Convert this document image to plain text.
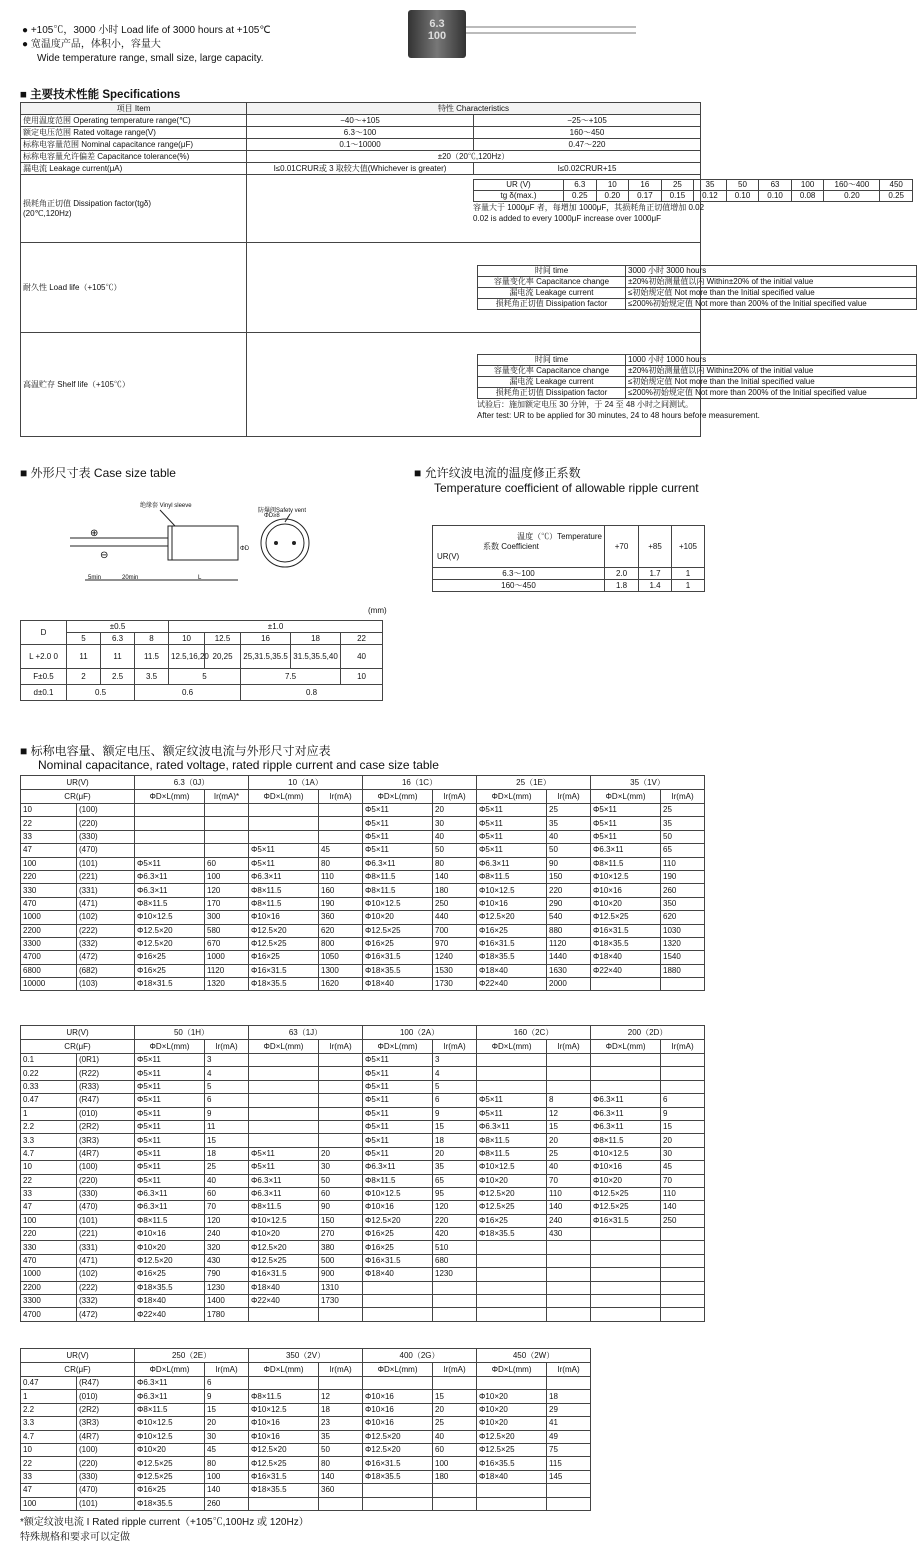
● +105℃，3000 小时 Load life of 3000 hours at +105℃
● 宽温度产品，体积小，容量大
Wide temperature range, small size, large capacity.
6.3
100
■ 主要技术性能 Specifications
项目 Item	特性 Characteristics
使用温度范围 Operating temperature range(℃)	−40～+105	−25～+105
额定电压范围 Rated voltage range(V)	6.3～100	160～450
标称电容量范围 Nominal capacitance range(μF)	0.1～10000	0.47～220
标称电容量允许偏差 Capacitance tolerance(%)	±20（20℃,120Hz）
漏电流 Leakage current(μA)	I≤0.01CRUR或 3 取较大值(Whichever is greater)	I≤0.02CRUR+15

损耗角正切值 Dissipation factor(tgδ)
(20℃,120Hz)

UR (V)	6.3	10	16	25	35	50	63	100	160～400	450
tg δ(max.)	0.25	0.20	0.17	0.15	0.12	0.10	0.10	0.08	0.20	0.25
容量大于 1000μF 者，每增加 1000μF，其损耗角正切值增加 0.02
0.02 is added to every 1000μF increase over 1000μF

耐久性 Load life（+105℃）	
时间 time	3000 小时 3000 hours
容量变化率 Capacitance change	±20%初始测量值以内 Within±20% of the initial value
漏电流 Leakage current	≤初始规定值 Not more than the Initial specified value
损耗角正切值 Dissipation factor	≤200%初始规定值 Not more than 200% of the Initial specified value

高温贮存 Shelf life（+105℃）	
时间 time	1000 小时 1000 hours
容量变化率 Capacitance change	±20%初始测量值以内 Within±20% of the initial value
漏电流 Leakage current	≤初始规定值 Not more than the Initial specified value
损耗角正切值 Dissipation factor	≤200%初始规定值 Not more than 200% of the Initial specified value
试验后：施加额定电压 30 分钟，于 24 至 48 小时之间测试。
After test: UR to be applied for 30 minutes, 24 to 48 hours before measurement.
■ 外形尺寸表 Case size table
⊕
⊖
绝缘套 Vinyl sleeve
防爆阀Safety vent
ΦD≥8
5min	20min	L
ΦD
(mm)
D	±0.5			±1.0				
	5	6.3	8	10	12.5	16	18	22
L +2.0 0	11	11	11.5	12.5,16,20	20,25	25,31.5,35.5	31.5,35.5,40	40
F±0.5	2	2.5	3.5	5		7.5		10
d±0.1	0.5		0.6			0.8		
■ 允许纹波电流的温度修正系数
Temperature coefficient of allowable ripple current
温度（℃）Temperature
系数 Coefficient
UR(V)	+70	+85	+105
6.3～100	2.0	1.7	1
160～450	1.8	1.4	1
■ 标称电容量、额定电压、额定纹波电流与外形尺寸对应表
Nominal capacitance, rated voltage, rated ripple current and case size table
UR(V)		6.3（0J）		10（1A）		16（1C）		25（1E）		35（1V）	
CR(μF)		ΦD×L(mm)	Ir(mA)*	ΦD×L(mm)	Ir(mA)	ΦD×L(mm)	Ir(mA)	ΦD×L(mm)	Ir(mA)	ΦD×L(mm)	Ir(mA)
10	(100)					Φ5×11	20	Φ5×11	25	Φ5×11	25
22	(220)					Φ5×11	30	Φ5×11	35	Φ5×11	35
33	(330)					Φ5×11	40	Φ5×11	40	Φ5×11	50
47	(470)			Φ5×11	45	Φ5×11	50	Φ5×11	50	Φ6.3×11	65
100	(101)	Φ5×11	60	Φ5×11	80	Φ6.3×11	80	Φ6.3×11	90	Φ8×11.5	110
220	(221)	Φ6.3×11	100	Φ6.3×11	110	Φ8×11.5	140	Φ8×11.5	150	Φ10×12.5	190
330	(331)	Φ6.3×11	120	Φ8×11.5	160	Φ8×11.5	180	Φ10×12.5	220	Φ10×16	260
470	(471)	Φ8×11.5	170	Φ8×11.5	190	Φ10×12.5	250	Φ10×16	290	Φ10×20	350
1000	(102)	Φ10×12.5	300	Φ10×16	360	Φ10×20	440	Φ12.5×20	540	Φ12.5×25	620
2200	(222)	Φ12.5×20	580	Φ12.5×20	620	Φ12.5×25	700	Φ16×25	880	Φ16×31.5	1030
3300	(332)	Φ12.5×20	670	Φ12.5×25	800	Φ16×25	970	Φ16×31.5	1120	Φ18×35.5	1320
4700	(472)	Φ16×25	1000	Φ16×25	1050	Φ16×31.5	1240	Φ18×35.5	1440	Φ18×40	1540
6800	(682)	Φ16×25	1120	Φ16×31.5	1300	Φ18×35.5	1530	Φ18×40	1630	Φ22×40	1880
10000	(103)	Φ18×31.5	1320	Φ18×35.5	1620	Φ18×40	1730	Φ22×40	2000		
UR(V)		50（1H）		63（1J）		100（2A）		160（2C）		200（2D）	
CR(μF)		ΦD×L(mm)	Ir(mA)	ΦD×L(mm)	Ir(mA)	ΦD×L(mm)	Ir(mA)	ΦD×L(mm)	Ir(mA)	ΦD×L(mm)	Ir(mA)
0.1	(0R1)	Φ5×11	3			Φ5×11	3				
0.22	(R22)	Φ5×11	4			Φ5×11	4				
0.33	(R33)	Φ5×11	5			Φ5×11	5				
0.47	(R47)	Φ5×11	6			Φ5×11	6	Φ5×11	8	Φ6.3×11	6
1	(010)	Φ5×11	9			Φ5×11	9	Φ5×11	12	Φ6.3×11	9
2.2	(2R2)	Φ5×11	11			Φ5×11	15	Φ6.3×11	15	Φ6.3×11	15
3.3	(3R3)	Φ5×11	15			Φ5×11	18	Φ8×11.5	20	Φ8×11.5	20
4.7	(4R7)	Φ5×11	18	Φ5×11	20	Φ5×11	20	Φ8×11.5	25	Φ10×12.5	30
10	(100)	Φ5×11	25	Φ5×11	30	Φ6.3×11	35	Φ10×12.5	40	Φ10×16	45
22	(220)	Φ5×11	40	Φ6.3×11	50	Φ8×11.5	65	Φ10×20	70	Φ10×20	70
33	(330)	Φ6.3×11	60	Φ6.3×11	60	Φ10×12.5	95	Φ12.5×20	110	Φ12.5×25	110
47	(470)	Φ6.3×11	70	Φ8×11.5	90	Φ10×16	120	Φ12.5×25	140	Φ12.5×25	140
100	(101)	Φ8×11.5	120	Φ10×12.5	150	Φ12.5×20	220	Φ16×25	240	Φ16×31.5	250
220	(221)	Φ10×16	240	Φ10×20	270	Φ16×25	420	Φ18×35.5	430		
330	(331)	Φ10×20	320	Φ12.5×20	380	Φ16×25	510				
470	(471)	Φ12.5×20	430	Φ12.5×25	500	Φ16×31.5	680				
1000	(102)	Φ16×25	790	Φ16×31.5	900	Φ18×40	1230				
2200	(222)	Φ18×35.5	1230	Φ18×40	1310						
3300	(332)	Φ18×40	1400	Φ22×40	1730						
4700	(472)	Φ22×40	1780								
UR(V)		250（2E）		350（2V）		400（2G）		450（2W）	
CR(μF)		ΦD×L(mm)	Ir(mA)	ΦD×L(mm)	Ir(mA)	ΦD×L(mm)	Ir(mA)	ΦD×L(mm)	Ir(mA)
0.47	(R47)	Φ6.3×11	6						
1	(010)	Φ6.3×11	9	Φ8×11.5	12	Φ10×16	15	Φ10×20	18
2.2	(2R2)	Φ8×11.5	15	Φ10×12.5	18	Φ10×16	20	Φ10×20	29
3.3	(3R3)	Φ10×12.5	20	Φ10×16	23	Φ10×16	25	Φ10×20	41
4.7	(4R7)	Φ10×12.5	30	Φ10×16	35	Φ12.5×20	40	Φ12.5×20	49
10	(100)	Φ10×20	45	Φ12.5×20	50	Φ12.5×20	60	Φ12.5×25	75
22	(220)	Φ12.5×25	80	Φ12.5×25	80	Φ16×31.5	100	Φ16×35.5	115
33	(330)	Φ12.5×25	100	Φ16×31.5	140	Φ18×35.5	180	Φ18×40	145
47	(470)	Φ16×25	140	Φ18×35.5	360				
100	(101)	Φ18×35.5	260						
*额定纹波电流 I Rated ripple current（+105℃,100Hz 或 120Hz）
特殊规格和要求可以定做
